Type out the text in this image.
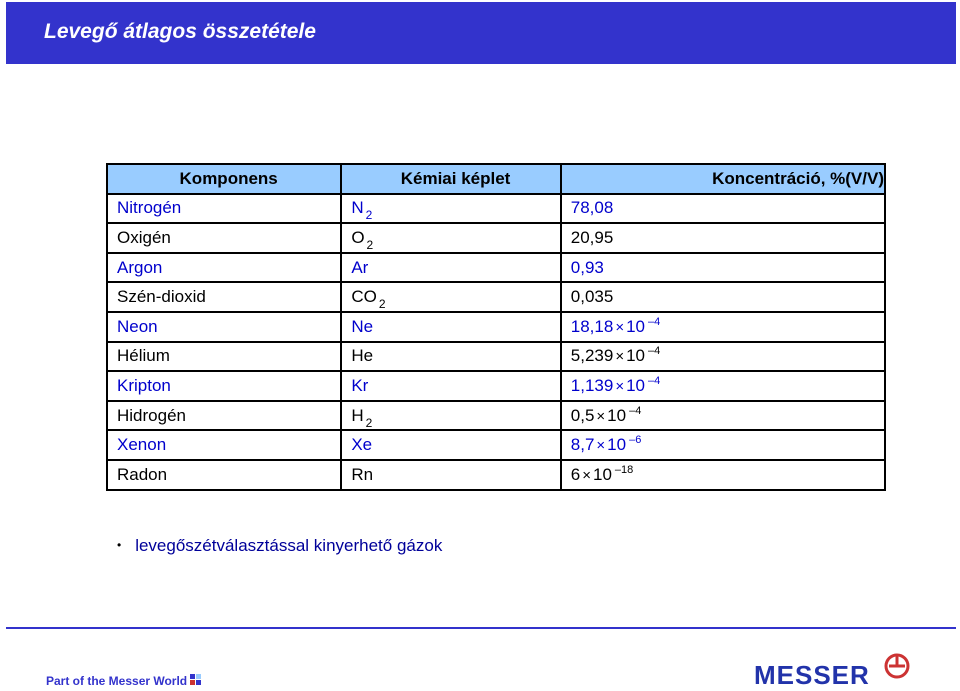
Levegő átlagos összetétele
Komponens	Kémiai képlet	Koncentráció, %(V/V)
Nitrogén	N $_2$	78,08
Oxigén	O $_2$	20,95
Argon	Ar	0,93
Szén-dioxid	CO $_2$	0,035
Neon	Ne	18,18 × 10 $^{-4}$
Hélium	He	5,239 × 10 $^{-4}$
Kripton	Kr	1,139 × 10 $^{-4}$
Hidrogén	H $_2$	0,5 × 10 $^{-4}$
Xenon	Xe	8,7 × 10 $^{-6}$
Radon	Rn	6 × 10 $^{-18}$
• levegőszétválasztással kinyerhető gázok
Part of the Messer World	MESSER
